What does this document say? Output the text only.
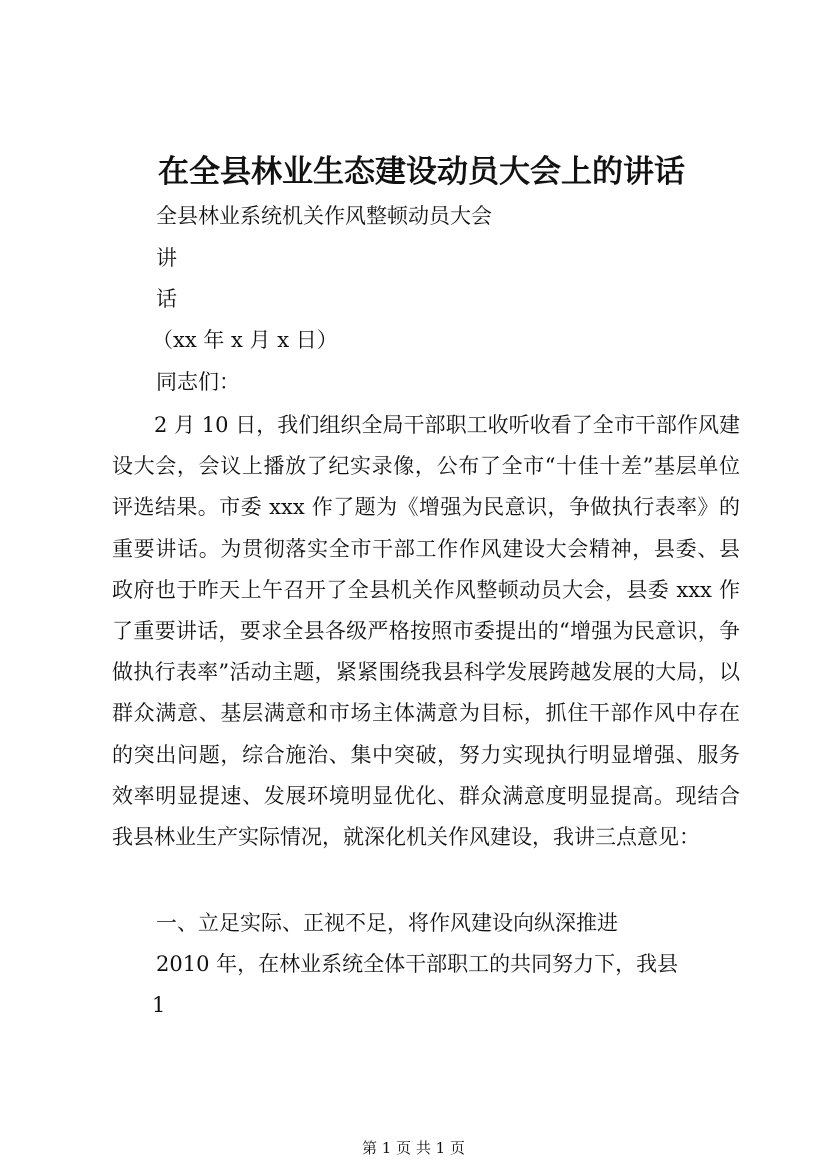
在全县林业生态建设动员大会上的讲话
全县林业系统机关作风整顿动员大会
讲
话
（xx 年 x 月 x 日）
同志们：

2 月 10 日，我们组织全局干部职工收听收看了全市干部作风建设大会，会议上播放了纪实录像，公布了全市“十佳十差”基层单位评选结果。市委 xxx 作了题为《增强为民意识，争做执行表率》的重要讲话。为贯彻落实全市干部工作作风建设大会精神，县委、县政府也于昨天上午召开了全县机关作风整顿动员大会，县委 xxx 作了重要讲话，要求全县各级严格按照市委提出的“增强为民意识，争做执行表率”活动主题，紧紧围绕我县科学发展跨越发展的大局，以群众满意、基层满意和市场主体满意为目标，抓住干部作风中存在的突出问题，综合施治、集中突破，努力实现执行明显增强、服务效率明显提速、发展环境明显优化、群众满意度明显提高。现结合我县林业生产实际情况，就深化机关作风建设，我讲三点意见：

一、立足实际、正视不足，将作风建设向纵深推进
2010 年，在林业系统全体干部职工的共同努力下，我县
1
第 1 页 共 1 页
